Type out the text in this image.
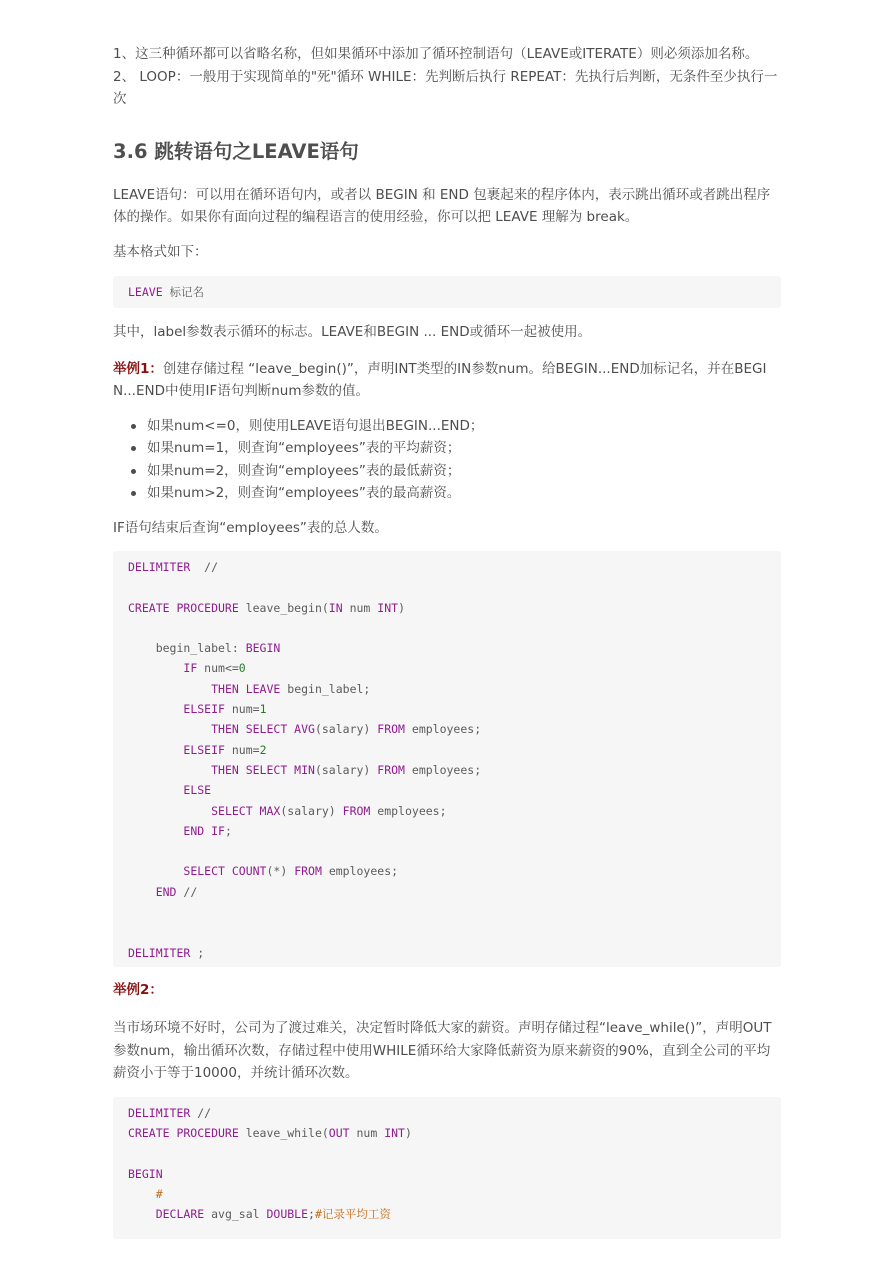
1、这三种循环都可以省略名称，但如果循环中添加了循环控制语句（LEAVE或ITERATE）则必须添加名称。 2、 LOOP：一般用于实现简单的"死"循环 WHILE：先判断后执行 REPEAT：先执行后判断，无条件至少执行一次

3.6 跳转语句之LEAVE语句

LEAVE语句：可以用在循环语句内，或者以 BEGIN 和 END 包裹起来的程序体内，表示跳出循环或者跳出程序体的操作。如果你有面向过程的编程语言的使用经验，你可以把 LEAVE 理解为 break。

基本格式如下：

LEAVE 标记名

其中，label参数表示循环的标志。LEAVE和BEGIN ... END或循环一起被使用。

举例1：创建存储过程 “leave_begin()”，声明INT类型的IN参数num。给BEGIN...END加标记名，并在BEGIN...END中使用IF语句判断num参数的值。

如果num<=0，则使用LEAVE语句退出BEGIN...END；
如果num=1，则查询“employees”表的平均薪资；
如果num=2，则查询“employees”表的最低薪资；
如果num>2，则查询“employees”表的最高薪资。

IF语句结束后查询“employees”表的总人数。

DELIMITER  //

CREATE PROCEDURE leave_begin(IN num INT)

begin_label: BEGIN
IF num<=0
THEN LEAVE begin_label;
ELSEIF num=1
THEN SELECT AVG(salary) FROM employees;
ELSEIF num=2
THEN SELECT MIN(salary) FROM employees;
ELSE
SELECT MAX(salary) FROM employees;
END IF;

SELECT COUNT(*) FROM employees;
END //

DELIMITER ;

举例2：

当市场环境不好时，公司为了渡过难关，决定暂时降低大家的薪资。声明存储过程“leave_while()”，声明OUT参数num，输出循环次数，存储过程中使用WHILE循环给大家降低薪资为原来薪资的90%，直到全公司的平均薪资小于等于10000，并统计循环次数。

DELIMITER //
CREATE PROCEDURE leave_while(OUT num INT)

BEGIN
#
DECLARE avg_sal DOUBLE;#记录平均工资
